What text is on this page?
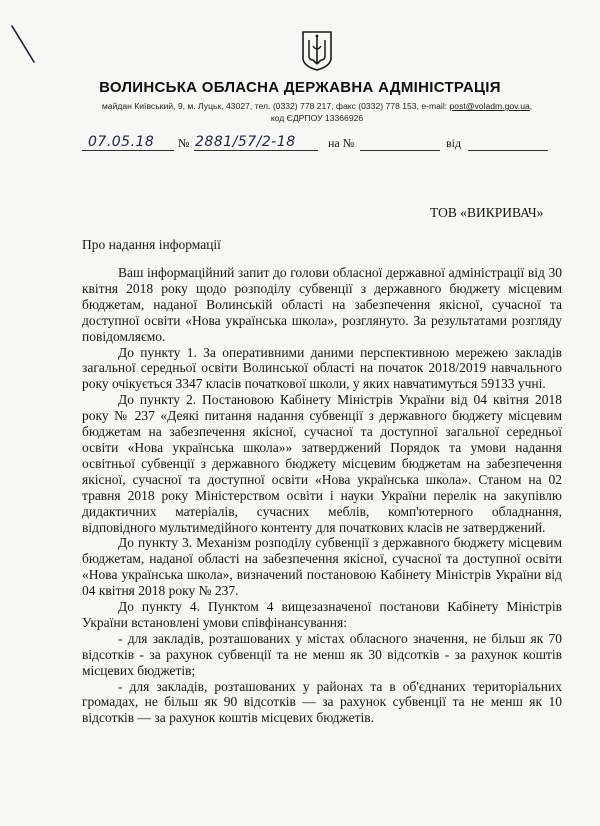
ВОЛИНСЬКА ОБЛАСНА ДЕРЖАВНА АДМІНІСТРАЦІЯ
майдан Київський, 9, м. Луцьк, 43027, тел. (0332) 778 217, факс (0332) 778 153, e-mail: post@voladm.gov.ua,
код ЄДРПОУ 13366926
07.05.18 № 2881/57/2-18	на №	від
ТОВ «ВИКРИВАЧ»
Про надання інформації

Ваш інформаційний запит до голови обласної державної адміністрації від 30 квітня 2018 року щодо розподілу субвенції з державного бюджету місцевим бюджетам, наданої Волинській області на забезпечення якісної, сучасної та доступної освіти «Нова українська школа», розглянуто. За результатами розгляду повідомляємо.

До пункту 1. За оперативними даними перспективною мережею закладів загальної середньої освіти Волинської області на початок 2018/2019 навчального року очікується 3347 класів початкової школи, у яких навчатимуться 59133 учні.

До пункту 2. Постановою Кабінету Міністрів України від 04 квітня 2018 року № 237 «Деякі питання надання субвенції з державного бюджету місцевим бюджетам на забезпечення якісної, сучасної та доступної загальної середньої освіти «Нова українська школа»» затверджений Порядок та умови надання освітньої субвенції з державного бюджету місцевим бюджетам на забезпечення якісної, сучасної та доступної освіти «Нова українська школа». Станом на 02 травня 2018 року Міністерством освіти і науки України перелік на закупівлю дидактичних матеріалів, сучасних меблів, комп'ютерного обладнання, відповідного мультимедійного контенту для початкових класів не затверджений.

До пункту 3. Механізм розподілу субвенції з державного бюджету місцевим бюджетам, наданої області на забезпечення якісної, сучасної та доступної освіти «Нова українська школа», визначений постановою Кабінету Міністрів України від 04 квітня 2018 року № 237.

До пункту 4. Пунктом 4 вищезазначеної постанови Кабінету Міністрів України встановлені умови співфінансування:

- для закладів, розташованих у містах обласного значення, не більш як 70 відсотків - за рахунок субвенції та не менш як 30 відсотків - за рахунок коштів місцевих бюджетів;

- для закладів, розташованих у районах та в об'єднаних територіальних громадах, не більш як 90 відсотків — за рахунок субвенції та не менш як 10 відсотків — за рахунок коштів місцевих бюджетів.
